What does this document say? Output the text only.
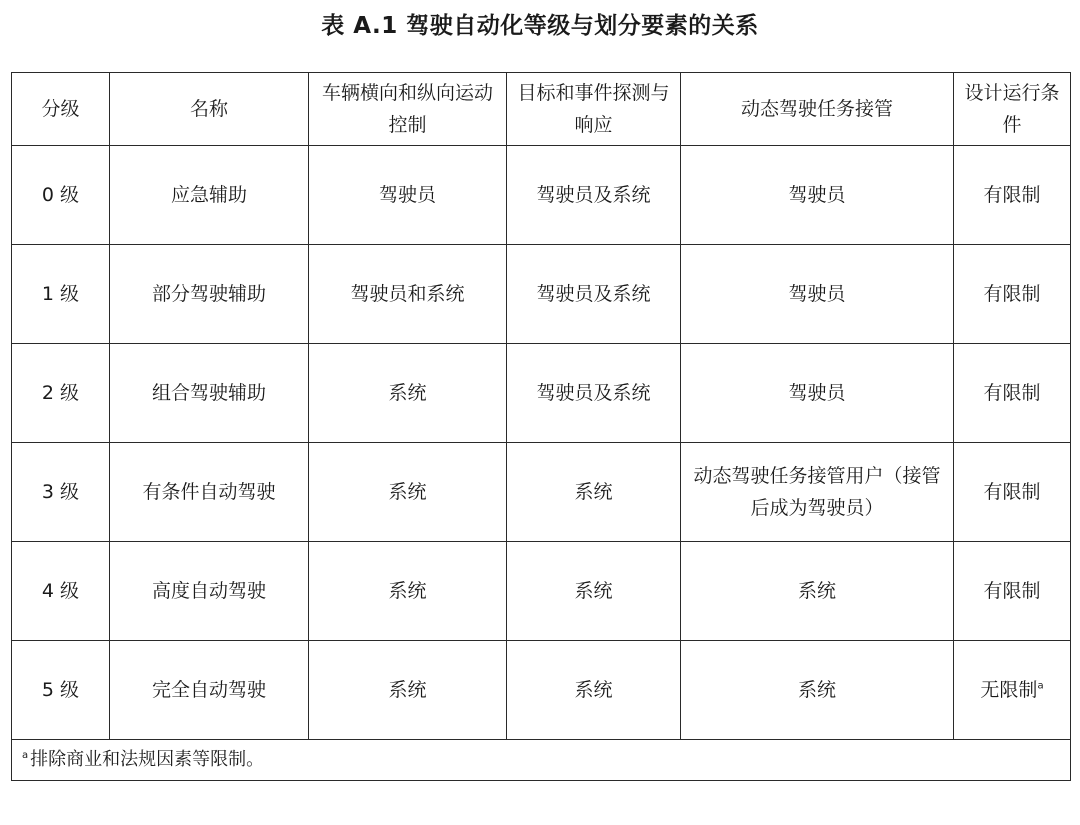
表 A.1 驾驶自动化等级与划分要素的关系
分级	名称	车辆横向和纵向运动控制	目标和事件探测与响应	动态驾驶任务接管	设计运行条件
0 级	应急辅助	驾驶员	驾驶员及系统	驾驶员	有限制
1 级	部分驾驶辅助	驾驶员和系统	驾驶员及系统	驾驶员	有限制
2 级	组合驾驶辅助	系统	驾驶员及系统	驾驶员	有限制
3 级	有条件自动驾驶	系统	系统	动态驾驶任务接管用户（接管后成为驾驶员）	有限制
4 级	高度自动驾驶	系统	系统	系统	有限制
5 级	完全自动驾驶	系统	系统	系统	无限制$^a$
$^a$ 排除商业和法规因素等限制。					
